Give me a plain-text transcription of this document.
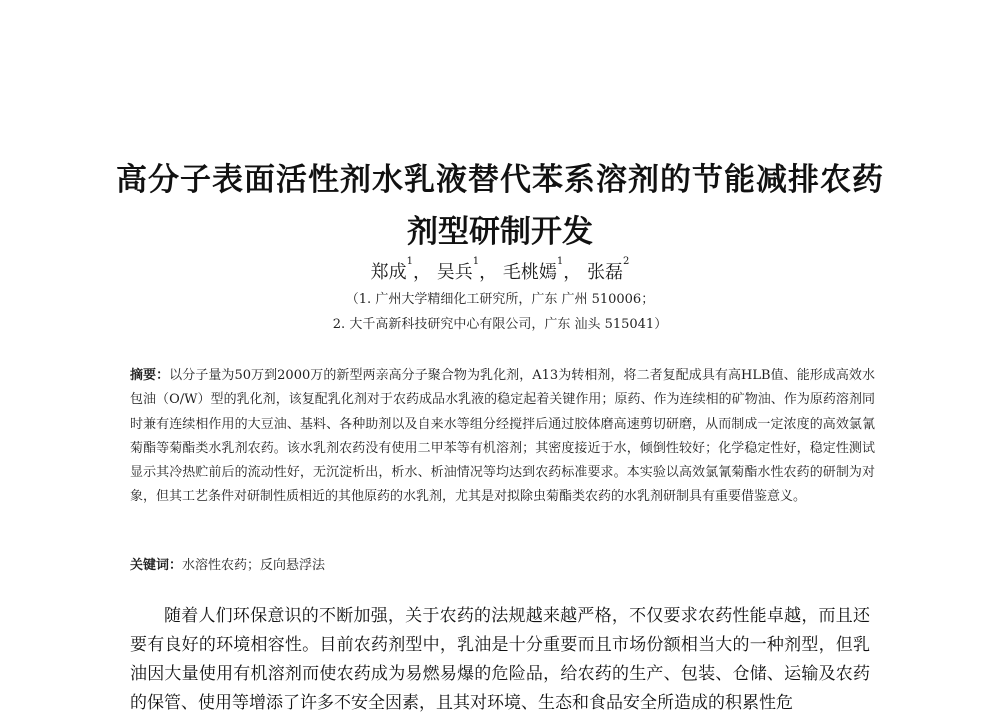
高分子表面活性剂水乳液替代苯系溶剂的节能减排农药
剂型研制开发
郑成$^1$， 吴兵$^1$， 毛桃嫣$^1$， 张磊$^2$
（1. 广州大学精细化工研究所，广东 广州 510006；
2. 大千高新科技研究中心有限公司，广东 汕头 515041）
摘要：以分子量为50万到2000万的新型两亲高分子聚合物为乳化剂，A13为转相剂，将二者复配成具有高HLB值、能形成高效水包油（O/W）型的乳化剂，该复配乳化剂对于农药成品水乳液的稳定起着关键作用；原药、作为连续相的矿物油、作为原药溶剂同时兼有连续相作用的大豆油、基料、各种助剂以及自来水等组分经搅拌后通过胶体磨高速剪切研磨，从而制成一定浓度的高效氯氰菊酯等菊酯类水乳剂农药。该水乳剂农药没有使用二甲苯等有机溶剂；其密度接近于水，倾倒性较好；化学稳定性好，稳定性测试显示其冷热贮前后的流动性好，无沉淀析出，析水、析油情况等均达到农药标准要求。本实验以高效氯氰菊酯水性农药的研制为对象，但其工艺条件对研制性质相近的其他原药的水乳剂，尤其是对拟除虫菊酯类农药的水乳剂研制具有重要借鉴意义。
关键词：水溶性农药；反向悬浮法
随着人们环保意识的不断加强，关于农药的法规越来越严格，不仅要求农药性能卓越，而且还要有良好的环境相容性。目前农药剂型中，乳油是十分重要而且市场份额相当大的一种剂型，但乳油因大量使用有机溶剂而使农药成为易燃易爆的危险品，给农药的生产、包装、仓储、运输及农药的保管、使用等增添了许多不安全因素，且其对环境、生态和食品安全所造成的积累性危
